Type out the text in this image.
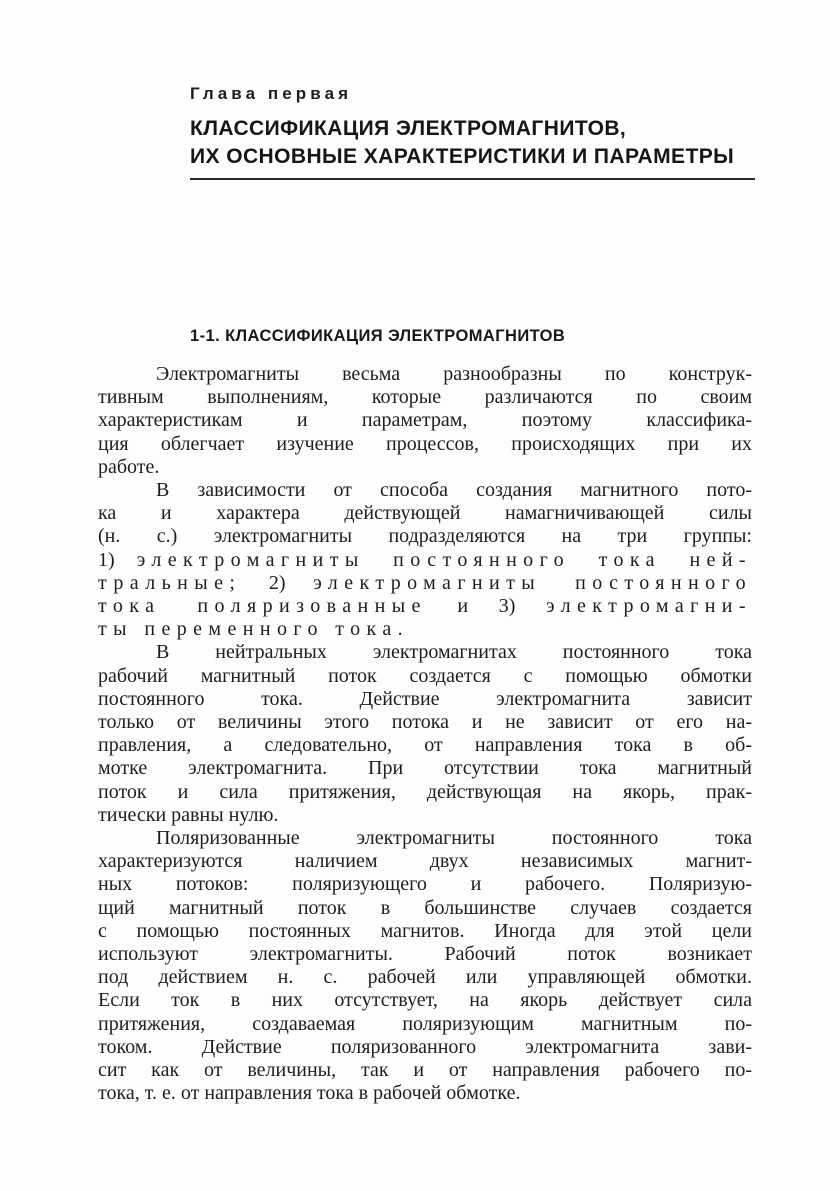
Глава первая
КЛАССИФИКАЦИЯ ЭЛЕКТРОМАГНИТОВ,
ИХ ОСНОВНЫЕ ХАРАКТЕРИСТИКИ И ПАРАМЕТРЫ
1-1. КЛАССИФИКАЦИЯ ЭЛЕКТРОМАГНИТОВ
Электромагниты весьма разнообразны по конструк-
тивным выполнениям, которые различаются по своим
характеристикам и параметрам, поэтому классифика-
ция облегчает изучение процессов, происходящих при их
работе.
В зависимости от способа создания магнитного пото-
ка и характера действующей намагничивающей силы
(н. с.) электромагниты подразделяются на три группы:
1) электромагниты постоянного тока ней-
тральные; 2) электромагниты постоянного
тока поляризованные и 3) электромагни-
ты переменного тока.
В нейтральных электромагнитах постоянного тока
рабочий магнитный поток создается с помощью обмотки
постоянного тока. Действие электромагнита зависит
только от величины этого потока и не зависит от его на-
правления, а следовательно, от направления тока в об-
мотке электромагнита. При отсутствии тока магнитный
поток и сила притяжения, действующая на якорь, прак-
тически равны нулю.
Поляризованные электромагниты постоянного тока
характеризуются наличием двух независимых магнит-
ных потоков: поляризующего и рабочего. Поляризую-
щий магнитный поток в большинстве случаев создается
с помощью постоянных магнитов. Иногда для этой цели
используют электромагниты. Рабочий поток возникает
под действием н. с. рабочей или управляющей обмотки.
Если ток в них отсутствует, на якорь действует сила
притяжения, создаваемая поляризующим магнитным по-
током. Действие поляризованного электромагнита зави-
сит как от величины, так и от направления рабочего по-
тока, т. е. от направления тока в рабочей обмотке.
